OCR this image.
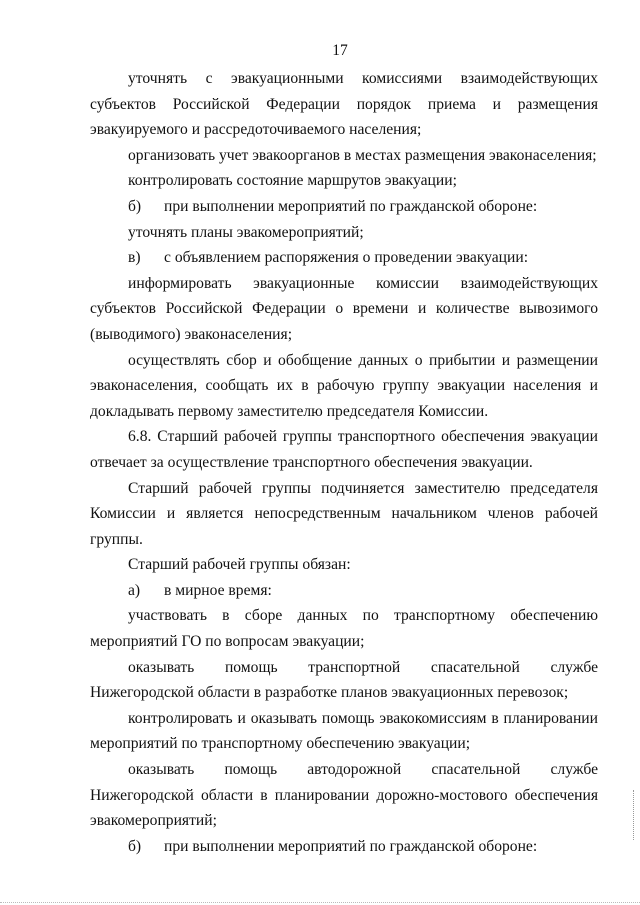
17

уточнять с эвакуационными комиссиями взаимодействующих субъектов Российской Федерации порядок приема и размещения эвакуируемого и рассредоточиваемого населения;

организовать учет эвакоорганов в местах размещения эваконаселения;

контролировать состояние маршрутов эвакуации;

б) при выполнении мероприятий по гражданской обороне:

уточнять планы эвакомероприятий;

в) с объявлением распоряжения о проведении эвакуации:

информировать эвакуационные комиссии взаимодействующих субъектов Российской Федерации о времени и количестве вывозимого (выводимого) эваконаселения;

осуществлять сбор и обобщение данных о прибытии и размещении эваконаселения, сообщать их в рабочую группу эвакуации населения и докладывать первому заместителю председателя Комиссии.

6.8. Старший рабочей группы транспортного обеспечения эвакуации отвечает за осуществление транспортного обеспечения эвакуации.

Старший рабочей группы подчиняется заместителю председателя Комиссии и является непосредственным начальником членов рабочей группы.

Старший рабочей группы обязан:

а) в мирное время:

участвовать в сборе данных по транспортному обеспечению мероприятий ГО по вопросам эвакуации;

оказывать помощь транспортной спасательной службе Нижегородской области в разработке планов эвакуационных перевозок;

контролировать и оказывать помощь эвакокомиссиям в планировании мероприятий по транспортному обеспечению эвакуации;

оказывать помощь автодорожной спасательной службе Нижегородской области в планировании дорожно-мостового обеспечения эвакомероприятий;

б) при выполнении мероприятий по гражданской обороне:
